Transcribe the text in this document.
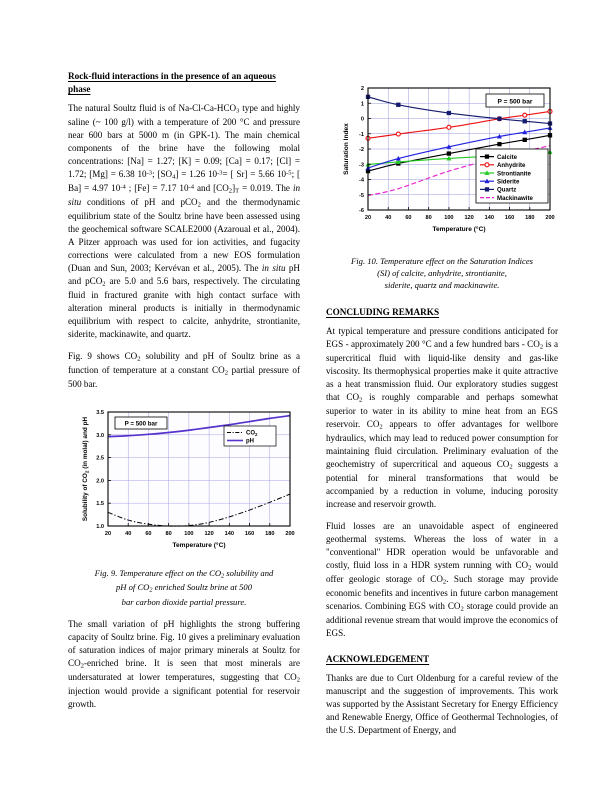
Rock-fluid interactions in the presence of an aqueous phase

The natural Soultz fluid is of $Na-Cl-Ca-HCO_3$ type and highly saline (~ 100 g/l) with a temperature of 200 °C and pressure near 600 bars at 5000 m (in GPK-1). The main chemical components of the brine have the following molal concentrations: [Na] = 1.27; [K] = 0.09; [Ca] = 0.17; [Cl] = 1.72; [Mg] = 6.38 $10^{-3}$; $[SO_4] = 1.26$ $10^{-3}=$ [ Sr] = 5.66 $10^{-5}$; [ Ba] = 4.97 $10^{-4}$ ; [Fe] = 7.17 $10^{-4}$ and $[CO_2]_T = 0.019$. The in situ conditions of pH and pCO$_2$ and the thermodynamic equilibrium state of the Soultz brine have been assessed using the geochemical software SCALE2000 (Azaroual et al., 2004). A Pitzer approach was used for ion activities, and fugacity corrections were calculated from a new EOS formulation (Duan and Sun, 2003; Kervévan et al., 2005). The in situ pH and pCO$_2$ are 5.0 and 5.6 bars, respectively. The circulating fluid in fractured granite with high contact surface with alteration mineral products is initially in thermodynamic equilibrium with respect to calcite, anhydrite, strontianite, siderite, mackinawite, and quartz.

Fig. 9 shows $CO_2$ solubility and pH of Soultz brine as a function of temperature at a constant $CO_2$ partial pressure of 500 bar.

20 40 60 80 100 120 140 160 180 200
1.0
1.5
2.0
2.5
3.0
3.5
Temperature (°C)
Solubility of $CO_2$ (in molal) and pH	P = 500 bar
$CO_2$
pH

Fig. 9. Temperature effect on the $CO_2$ solubility and
pH of $CO_2$ enriched Soultz brine at 500
bar carbon dioxide partial pressure.

The small variation of pH highlights the strong buffering capacity of Soultz brine. Fig. 10 gives a preliminary evaluation of saturation indices of major primary minerals at Soultz for $CO_2$-enriched brine. It is seen that most minerals are undersaturated at lower temperatures, suggesting that $CO_2$ injection would provide a significant potential for reservoir growth.

20 40 60 80 100 120 140 160 180 200
2
1
0
-1
-2
-3
-4
-5
-6
Temperature (°C)
Saturation Index
P = 500 bar
Calcite
Anhydrite
Strontianite
Siderite
Quartz
Mackinawite

Fig. 10. Temperature effect on the Saturation Indices
(SI) of calcite, anhydrite, strontianite,
siderite, quartz and mackinawite.

CONCLUDING REMARKS

At typical temperature and pressure conditions anticipated for EGS - approximately 200 °C and a few hundred bars - $CO_2$ is a supercritical fluid with liquid-like density and gas-like viscosity. Its thermophysical properties make it quite attractive as a heat transmission fluid. Our exploratory studies suggest that $CO_2$ is roughly comparable and perhaps somewhat superior to water in its ability to mine heat from an EGS reservoir. $CO_2$ appears to offer advantages for wellbore hydraulics, which may lead to reduced power consumption for maintaining fluid circulation. Preliminary evaluation of the geochemistry of supercritical and aqueous $CO_2$ suggests a potential for mineral transformations that would be accompanied by a reduction in volume, inducing porosity increase and reservoir growth.

Fluid losses are an unavoidable aspect of engineered geothermal systems. Whereas the loss of water in a "conventional" HDR operation would be unfavorable and costly, fluid loss in a HDR system running with $CO_2$ would offer geologic storage of $CO_2$. Such storage may provide economic benefits and incentives in future carbon management scenarios. Combining EGS with $CO_2$ storage could provide an additional revenue stream that would improve the economics of EGS.

ACKNOWLEDGEMENT

Thanks are due to Curt Oldenburg for a careful review of the manuscript and the suggestion of improvements. This work was supported by the Assistant Secretary for Energy Efficiency and Renewable Energy, Office of Geothermal Technologies, of the U.S. Department of Energy, and
